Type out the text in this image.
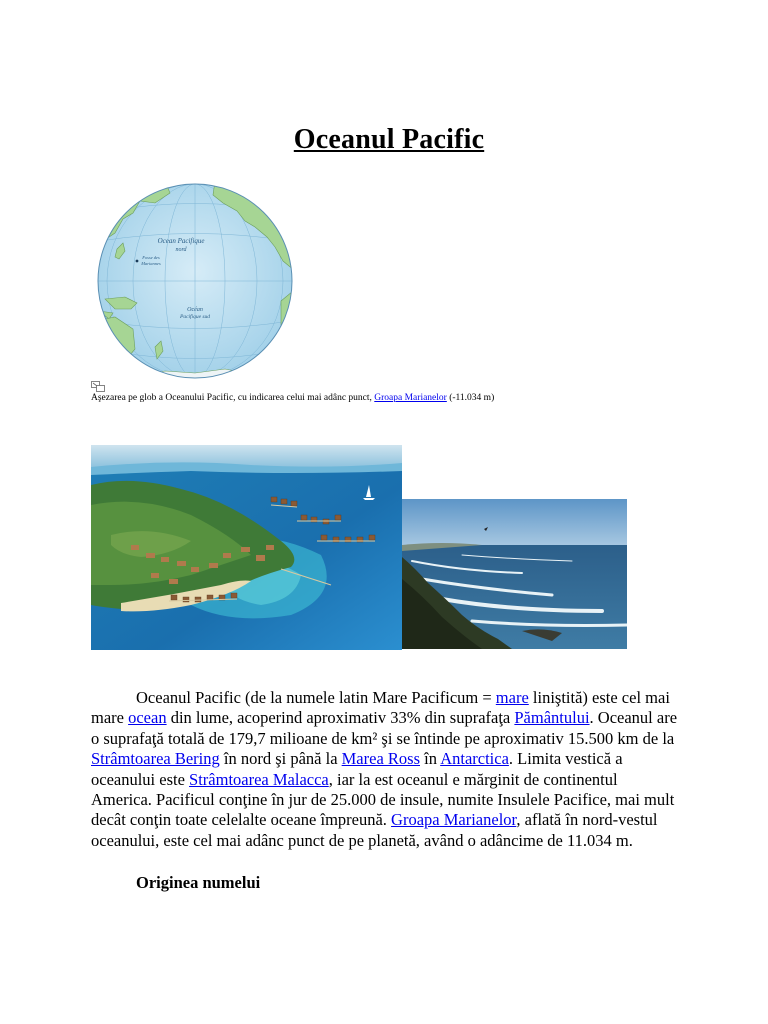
Oceanul Pacific
Ocean Pacifique
nord
Fosse des
Mariannes
Océan
Pacifique sud
Aşezarea pe glob a Oceanului Pacific, cu indicarea celui mai adânc punct, Groapa Marianelor (-11.034 m)

Oceanul Pacific (de la numele latin Mare Pacificum = mare liniştită) este cel mai mare ocean din lume, acoperind aproximativ 33% din suprafaţa Pământului. Oceanul are o suprafaţă totală de 179,7 milioane de km² şi se întinde pe aproximativ 15.500 km de la Strâmtoarea Bering în nord şi până la Marea Ross în Antarctica. Limita vestică a oceanului este Strâmtoarea Malacca, iar la est oceanul e mărginit de continentul America. Pacificul conţine în jur de 25.000 de insule, numite Insulele Pacifice, mai mult decât conţin toate celelalte oceane împreună. Groapa Marianelor, aflată în nord-vestul oceanului, este cel mai adânc punct de pe planetă, având o adâncime de 11.034 m.

Originea numelui
